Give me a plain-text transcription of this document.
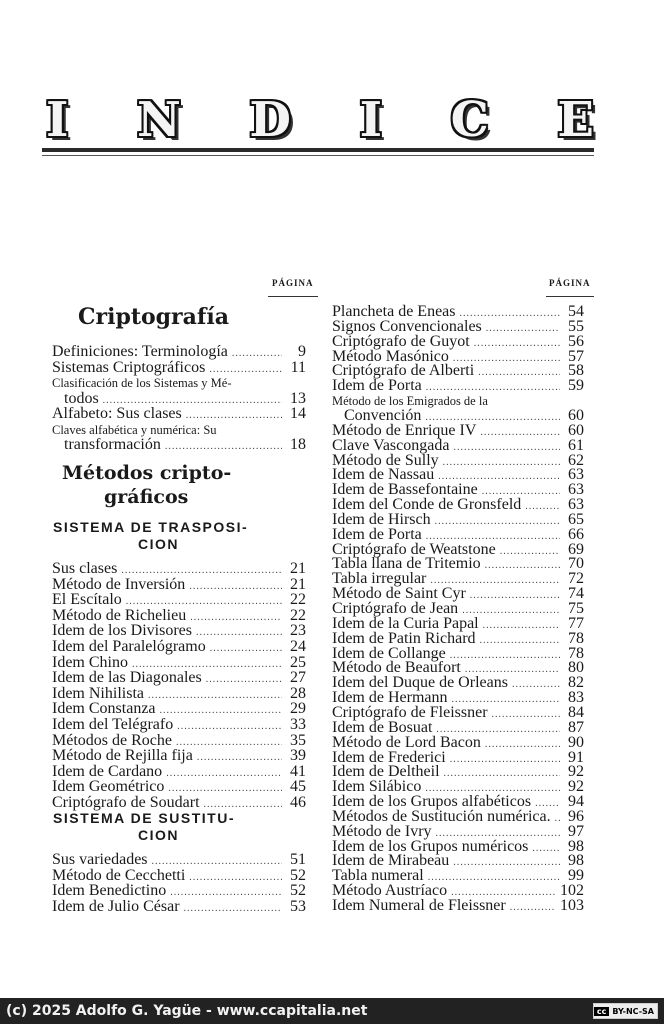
I N D I C E
PÁGINA	PÁGINA
Criptografía
Métodos cripto-
gráficos
SISTEMA DE TRASPOSI-
CION
SISTEMA DE SUSTITU-
CION
Definiciones: Terminología .....	9
Sistemas Criptográficos .....	11
Clasificación de los Sistemas y Mé-
todos .....	13
Alfabeto: Sus clases .....	14
Claves alfabética y numérica: Su
transformación .....	18
Sus clases .....	21
Método de Inversión .....	21
El Escítalo .....	22
Método de Richelieu .....	22
Idem de los Divisores .....	23
Idem del Paralelógramo .....	24
Idem Chino .....	25
Idem de las Diagonales .....	27
Idem Nihilista .....	28
Idem Constanza .....	29
Idem del Telégrafo .....	33
Métodos de Roche .....	35
Método de Rejilla fija .....	39
Idem de Cardano .....	41
Idem Geométrico .....	45
Criptógrafo de Soudart .....	46
Sus variedades .....	51
Método de Cecchetti .....	52
Idem Benedictino .....	52
Idem de Julio César .....	53
Plancheta de Eneas .....	54
Signos Convencionales .....	55
Criptógrafo de Guyot .....	56
Método Masónico .....	57
Criptógrafo de Alberti .....	58
Idem de Porta .....	59
Método de los Emigrados de la
Convención .....	60
Método de Enrique IV .....	60
Clave Vascongada .....	61
Método de Sully .....	62
Idem de Nassau .....	63
Idem de Bassefontaine .....	63
Idem del Conde de Gronsfeld .....	63
Idem de Hirsch .....	65
Idem de Porta .....	66
Criptógrafo de Weatstone .....	69
Tabla llana de Tritemio .....	70
Tabla irregular .....	72
Método de Saint Cyr .....	74
Criptógrafo de Jean .....	75
Idem de la Curia Papal .....	77
Idem de Patin Richard .....	78
Idem de Collange .....	78
Método de Beaufort .....	80
Idem del Duque de Orleans .....	82
Idem de Hermann .....	83
Criptógrafo de Fleissner .....	84
Idem de Bosuat .....	87
Método de Lord Bacon .....	90
Idem de Frederici .....	91
Idem de Deltheil .....	92
Idem Silábico .....	92
Idem de los Grupos alfabéticos ..... 94
Métodos de Sustitución numérica. ..... 96
Método de Ivry .....	97
Idem de los Grupos numéricos ..... 98
Idem de Mirabeau .....	98
Tabla numeral .....	99
Método Austríaco .....	102
Idem Numeral de Fleissner .....	103
(c) 2025 Adolfo G. Yagüe - www.ccapitalia.net	cc BY-NC-SA
